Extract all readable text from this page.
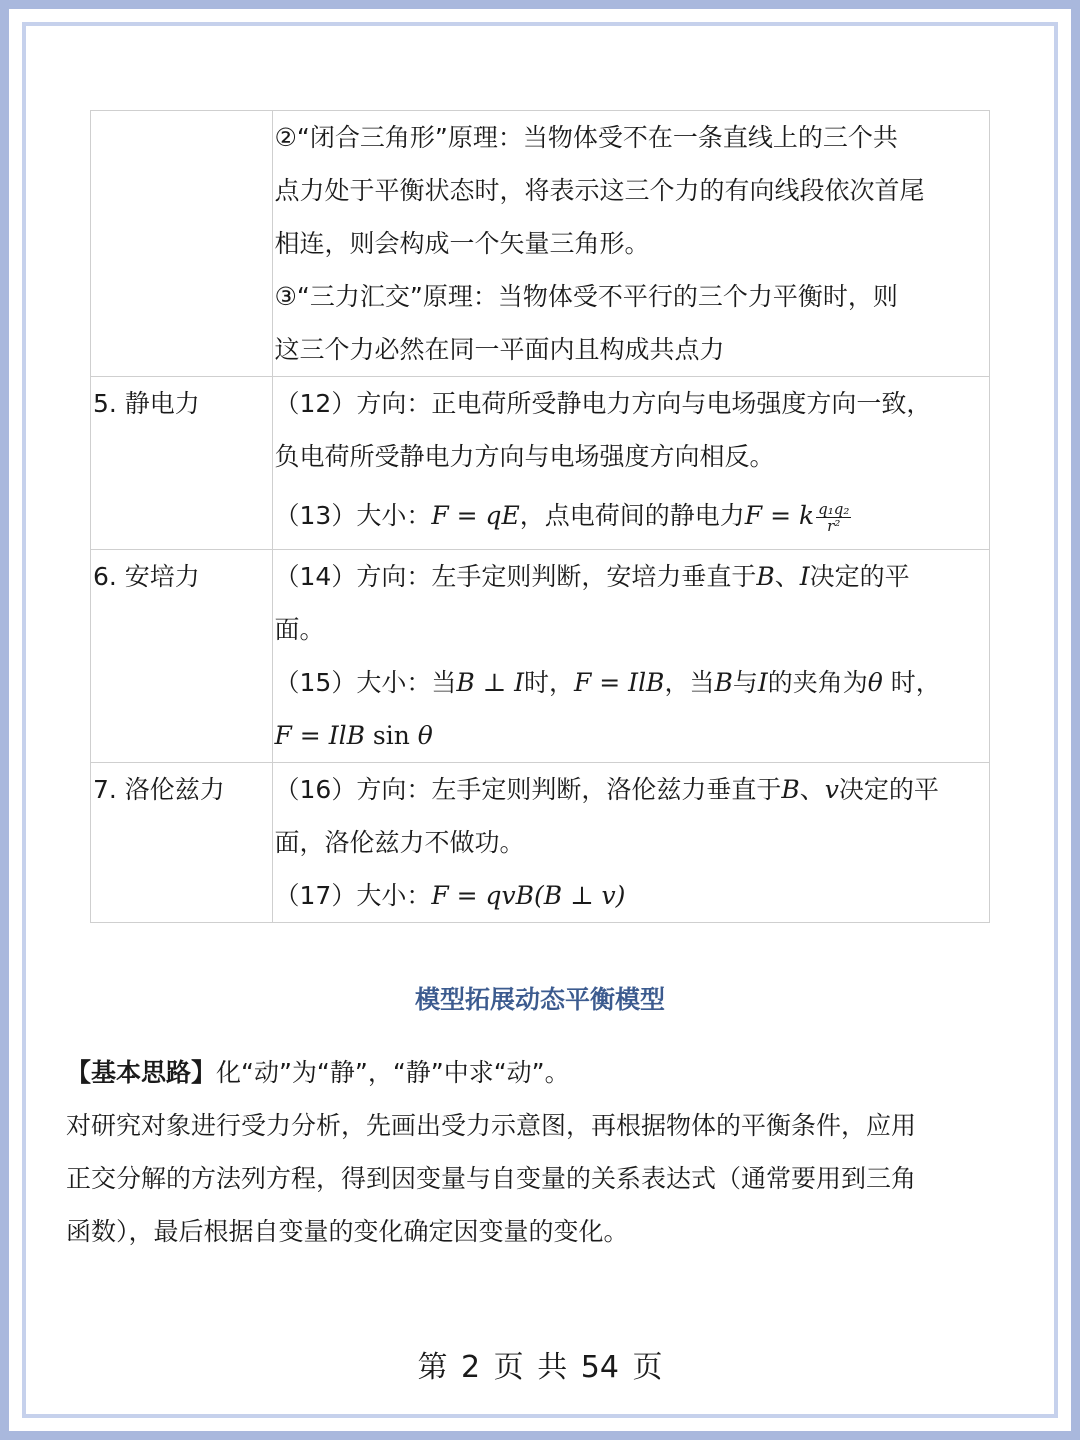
	②“闭合三角形”原理：当物体受不在一条直线上的三个共
点力处于平衡状态时，将表示这三个力的有向线段依次首尾
相连，则会构成一个矢量三角形。
③“三力汇交”原理：当物体受不平行的三个力平衡时，则
这三个力必然在同一平面内且构成共点力

5. 静电力	（12）方向：正电荷所受静电力方向与电场强度方向一致，
负电荷所受静电力方向与电场强度方向相反。
（13）大小：F = qE，点电荷间的静电力F = k $\frac{\text{q₁q₂}}{\text{r²}}$

6. 安培力	（14）方向：左手定则判断，安培力垂直于B、I决定的平
面。
（15）大小：当B ⊥ I时，F = IlB，当B与I的夹角为θ 时，
F = IlB sin θ

7. 洛伦兹力	（16）方向：左手定则判断，洛伦兹力垂直于B、v决定的平
面，洛伦兹力不做功。
（17）大小：F = qvB(B ⊥ v)
模型拓展动态平衡模型
【基本思路】化“动”为“静”，“静”中求“动”。
对研究对象进行受力分析，先画出受力示意图，再根据物体的平衡条件，应用
正交分解的方法列方程，得到因变量与自变量的关系表达式（通常要用到三角
函数），最后根据自变量的变化确定因变量的变化。
第 2 页 共 54 页
